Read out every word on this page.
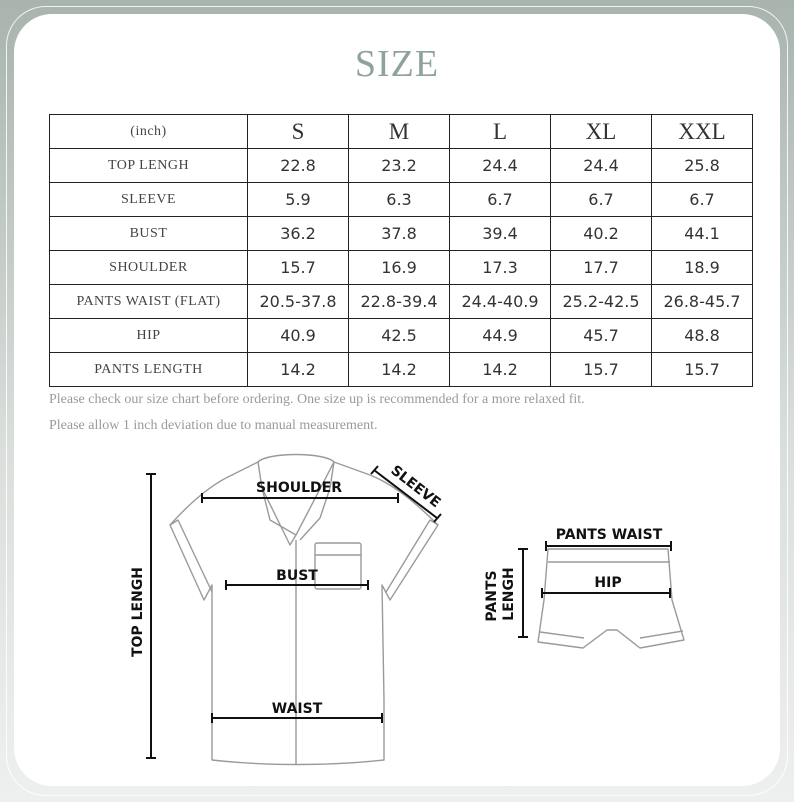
SIZE
(inch)	S	M	L	XL	XXL
TOP LENGH	22.8	23.2	24.4	24.4	25.8
SLEEVE	5.9	6.3	6.7	6.7	6.7
BUST	36.2	37.8	39.4	40.2	44.1
SHOULDER	15.7	16.9	17.3	17.7	18.9
PANTS WAIST (FLAT)	20.5-37.8	22.8-39.4	24.4-40.9	25.2-42.5	26.8-45.7
HIP	40.9	42.5	44.9	45.7	48.8
PANTS LENGTH	14.2	14.2	14.2	15.7	15.7

Please check our size chart before ordering. One size up is recommended for a more relaxed fit.

Please allow 1 inch deviation due to manual measurement.

SHOULDER	SLEEVE
BUST
WAIST
TOP LENGH
PANTS WAIST
HIP
PANTS LENGH
